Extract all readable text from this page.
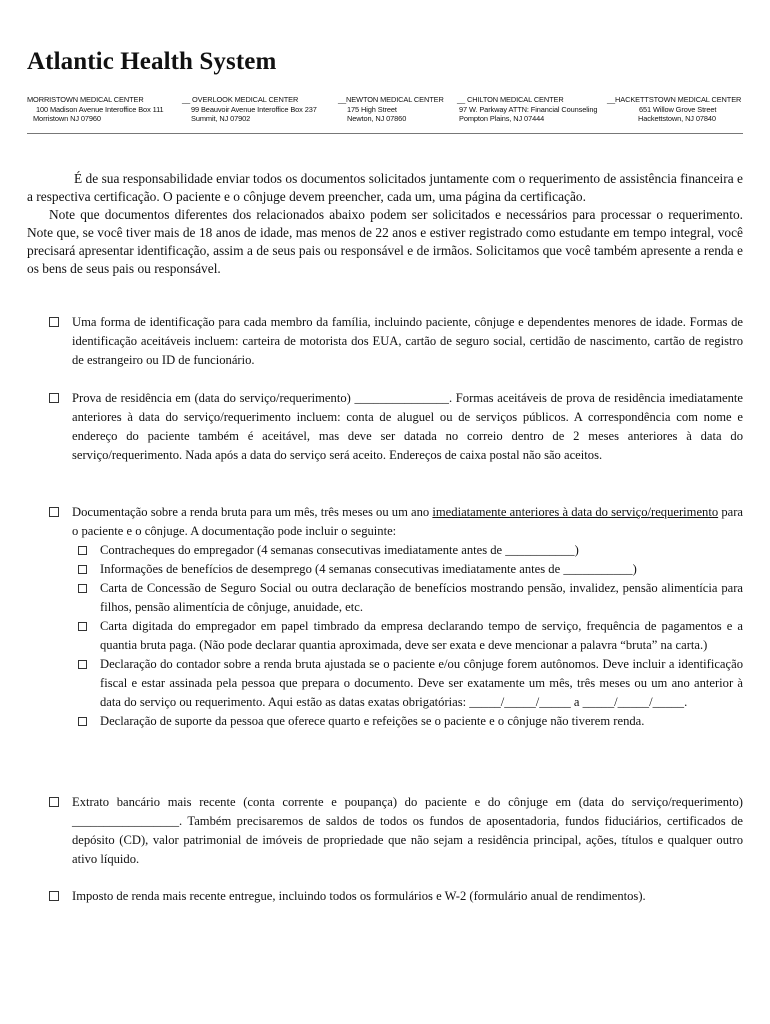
Atlantic Health System
MORRISTOWN MEDICAL CENTER
100 Madison Avenue Interoffice Box 111
Morristown NJ 07960
__ OVERLOOK MEDICAL CENTER
99 Beauvoir Avenue Interoffice Box 237
Summit, NJ 07902
__NEWTON MEDICAL CENTER
175 High Street
Newton, NJ 07860
__ CHILTON MEDICAL CENTER
97 W. Parkway ATTN: Financial Counseling
Pompton Plains, NJ 07444
__HACKETTSTOWN MEDICAL CENTER
651 Willow Grove Street
Hackettstown, NJ 07840

É de sua responsabilidade enviar todos os documentos solicitados juntamente com o requerimento de assistência financeira e a respectiva certificação. O paciente e o cônjuge devem preencher, cada um, uma página da certificação.

Note que documentos diferentes dos relacionados abaixo podem ser solicitados e necessários para processar o requerimento. Note que, se você tiver mais de 18 anos de idade, mas menos de 22 anos e estiver registrado como estudante em tempo integral, você precisará apresentar identificação, assim a de seus pais ou responsável e de irmãos. Solicitamos que você também apresente a renda e os bens de seus pais ou responsável.

Uma forma de identificação para cada membro da família, incluindo paciente, cônjuge e dependentes menores de idade. Formas de identificação aceitáveis incluem: carteira de motorista dos EUA, cartão de seguro social, certidão de nascimento, cartão de registro de estrangeiro ou ID de funcionário.
Prova de residência em (data do serviço/requerimento) _______________. Formas aceitáveis de prova de residência imediatamente anteriores à data do serviço/requerimento incluem: conta de aluguel ou de serviços públicos. A correspondência com nome e endereço do paciente também é aceitável, mas deve ser datada no correio dentro de 2 meses anteriores à data do serviço/requerimento. Nada após a data do serviço será aceito. Endereços de caixa postal não são aceitos.
Documentação sobre a renda bruta para um mês, três meses ou um ano imediatamente anteriores à data do serviço/requerimento para o paciente e o cônjuge. A documentação pode incluir o seguinte:
Contracheques do empregador (4 semanas consecutivas imediatamente antes de ___________)
Informações de benefícios de desemprego (4 semanas consecutivas imediatamente antes de ___________)
Carta de Concessão de Seguro Social ou outra declaração de benefícios mostrando pensão, invalidez, pensão alimentícia para filhos, pensão alimentícia de cônjuge, anuidade, etc.
Carta digitada do empregador em papel timbrado da empresa declarando tempo de serviço, frequência de pagamentos e a quantia bruta paga. (Não pode declarar quantia aproximada, deve ser exata e deve mencionar a palavra “bruta” na carta.)
Declaração do contador sobre a renda bruta ajustada se o paciente e/ou cônjuge forem autônomos. Deve incluir a identificação fiscal e estar assinada pela pessoa que prepara o documento. Deve ser exatamente um mês, três meses ou um ano anterior à data do serviço ou requerimento. Aqui estão as datas exatas obrigatórias: _____/_____/_____ a _____/_____/_____.
Declaração de suporte da pessoa que oferece quarto e refeições se o paciente e o cônjuge não tiverem renda.
Extrato bancário mais recente (conta corrente e poupança) do paciente e do cônjuge em (data do serviço/requerimento) _________________. Também precisaremos de saldos de todos os fundos de aposentadoria, fundos fiduciários, certificados de depósito (CD), valor patrimonial de imóveis de propriedade que não sejam a residência principal, ações, títulos e qualquer outro ativo líquido.
Imposto de renda mais recente entregue, incluindo todos os formulários e W-2 (formulário anual de rendimentos).
